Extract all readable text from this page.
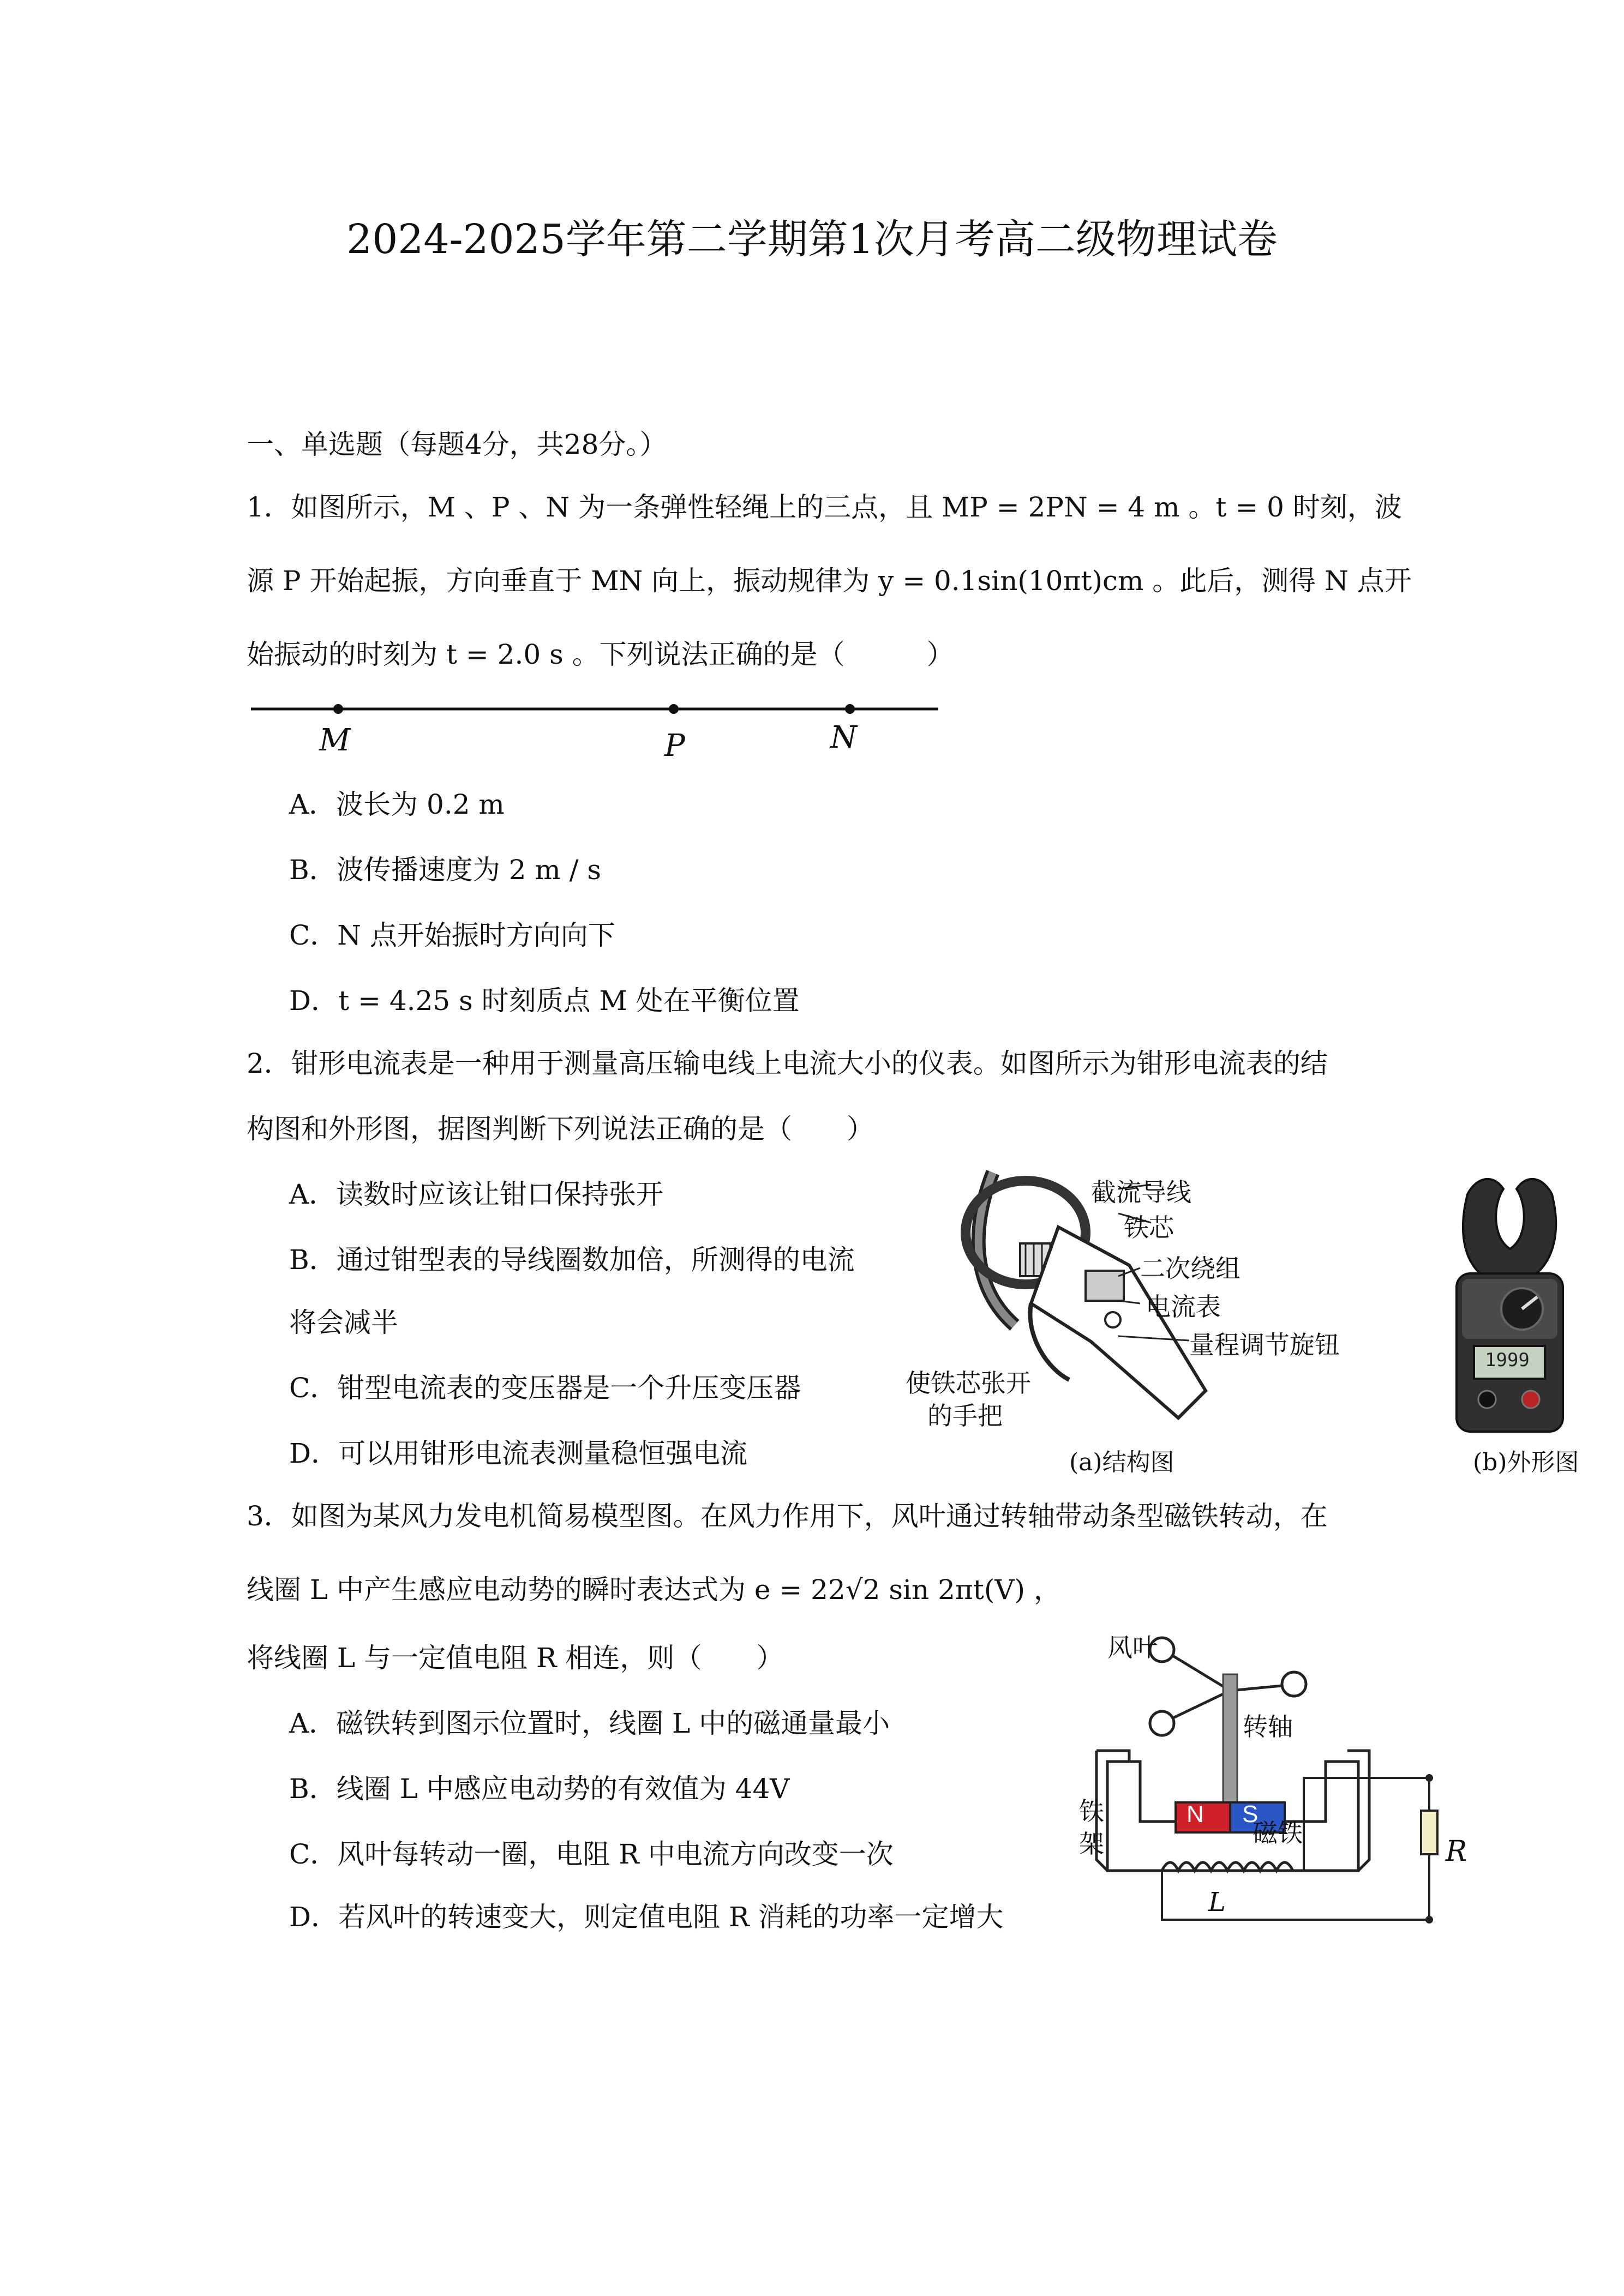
2024-2025学年第二学期第1次月考高二级物理试卷
一、单选题（每题4分，共28分。）
1．如图所示，M 、P 、N 为一条弹性轻绳上的三点，且 MP = 2PN = 4 m 。t = 0 时刻，波
源 P 开始起振，方向垂直于 MN 向上，振动规律为 y = 0.1sin(10πt)cm 。此后，测得 N 点开
始振动的时刻为 t = 2.0 s 。下列说法正确的是（　　　）
M	P	N
A．波长为 0.2 m
B．波传播速度为 2 m / s
C．N 点开始振时方向向下
D．t = 4.25 s 时刻质点 M 处在平衡位置
2．钳形电流表是一种用于测量高压输电线上电流大小的仪表。如图所示为钳形电流表的结
构图和外形图，据图判断下列说法正确的是（　　）
A．读数时应该让钳口保持张开
B．通过钳型表的导线圈数加倍，所测得的电流
将会减半
C．钳型电流表的变压器是一个升压变压器
D．可以用钳形电流表测量稳恒强电流
截流导线
铁芯
二次绕组
电流表
量程调节旋钮
使铁芯张开
的手把
(a)结构图
1999
(b)外形图
3．如图为某风力发电机简易模型图。在风力作用下，风叶通过转轴带动条型磁铁转动，在
线圈 L 中产生感应电动势的瞬时表达式为 e = 22√2 sin 2πt(V) ，
将线圈 L 与一定值电阻 R 相连，则（　　）
A．磁铁转到图示位置时，线圈 L 中的磁通量最小
B．线圈 L 中感应电动势的有效值为 44V
C．风叶每转动一圈，电阻 R 中电流方向改变一次
D．若风叶的转速变大，则定值电阻 R 消耗的功率一定增大
风叶
转轴
铁
架	磁铁
N S
L
R
